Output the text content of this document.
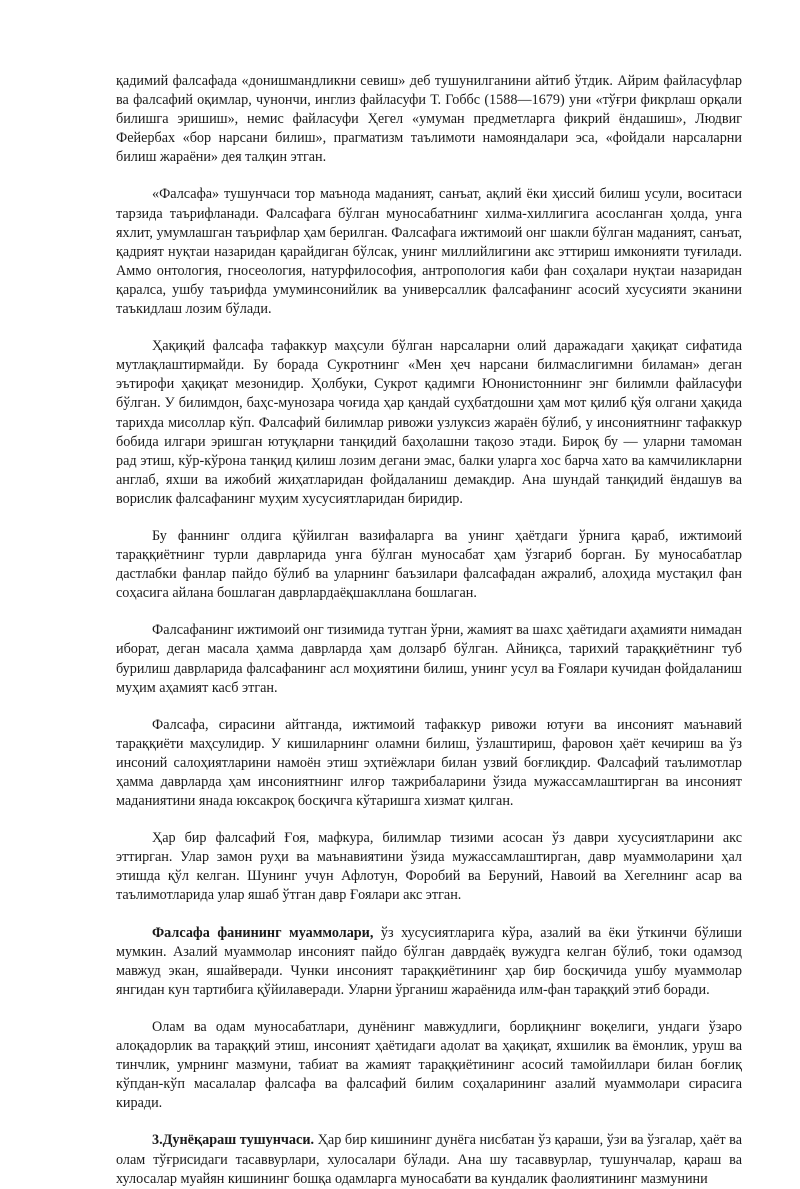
қадимий фалсафада «донишмандликни севиш» деб тушунилганини айтиб ўтдик. Айрим файласуфлар ва фалсафий оқимлар, чунончи, инглиз файласуфи Т. Гоббс (1588—1679) уни «тўғри фикрлаш орқали билишга эришиш», немис файласуфи Ҳегел «умуман предметларга фикрий ёндашиш», Людвиг Фейербах «бор нарсани билиш», прагматизм таълимоти намояндалари эса, «фойдали нарсаларни билиш жараёни» дея талқин этган.

«Фалсафа» тушунчаси тор маънода маданият, санъат, ақлий ёки ҳиссий билиш усули, воситаси тарзида таърифланади. Фалсафага бўлган муносабатнинг хилма-хиллигига асосланган ҳолда, унга яхлит, умумлашган таърифлар ҳам берилган. Фалсафага ижтимоий онг шакли бўлган маданият, санъат, қадрият нуқтаи назаридан қарайдиган бўлсак, унинг миллийлигини акс эттириш имконияти туғилади. Аммо онтология, гносеология, натурфилософия, антропология каби фан соҳалари нуқтаи назаридан қаралса, ушбу таърифда умуминсонийлик ва универсаллик фалсафанинг асосий хусусияти эканини таъкидлаш лозим бўлади.

Ҳақиқий фалсафа тафаккур маҳсули бўлган нарсаларни олий даражадаги ҳақиқат сифатида мутлақлаштирмайди. Бу борада Сукротнинг «Мен ҳеч нарсани билмаслигимни биламан» деган эътирофи ҳақиқат мезонидир. Ҳолбуки, Сукрот қадимги Юнонистоннинг энг билимли файласуфи бўлган. У билимдон, баҳс-мунозара чоғида ҳар қандай суҳбатдошни ҳам мот қилиб қўя олгани ҳақида тарихда мисоллар кўп. Фалсафий билимлар ривожи узлуксиз жараён бўлиб, у инсониятнинг тафаккур бобида илгари эришган ютуқларни танқидий баҳолашни тақозо этади. Бироқ бу — уларни тамоман рад этиш, кўр-кўрона танқид қилиш лозим дегани эмас, балки уларга хос барча хато ва камчиликларни англаб, яхши ва ижобий жиҳатларидан фойдаланиш демакдир. Ана шундай танқидий ёндашув ва ворислик фалсафанинг муҳим хусусиятларидан биридир.

Бу фаннинг олдига қўйилган вазифаларга ва унинг ҳаётдаги ўрнига қараб, ижтимоий тараққиётнинг турли даврларида унга бўлган муносабат ҳам ўзгариб борган. Бу муносабатлар дастлабки фанлар пайдо бўлиб ва уларнинг баъзилари фалсафадан ажралиб, алоҳида мустақил фан соҳасига айлана бошлаган даврлардаёқшакллана бошлаган.

Фалсафанинг ижтимоий онг тизимида тутган ўрни, жамият ва шахс ҳаётидаги аҳамияти нимадан иборат, деган масала ҳамма даврларда ҳам долзарб бўлган. Айниқса, тарихий тараққиётнинг туб бурилиш даврларида фалсафанинг асл моҳиятини билиш, унинг усул ва Ғоялари кучидан фойдаланиш муҳим аҳамият касб этган.

Фалсафа, сирасини айтганда, ижтимоий тафаккур ривожи ютуғи ва инсоният маънавий тараққиёти маҳсулидир. У кишиларнинг оламни билиш, ўзлаштириш, фаровон ҳаёт кечириш ва ўз инсоний салоҳиятларини намоён этиш эҳтиёжлари билан узвий боғлиқдир. Фалсафий таълимотлар ҳамма даврларда ҳам инсониятнинг илғор тажрибаларини ўзида мужассамлаштирган ва инсоният маданиятини янада юксакроқ босқичга кўтаришга хизмат қилган.

Ҳар бир фалсафий Ғоя, мафкура, билимлар тизими асосан ўз даври хусусиятларини акс эттирган. Улар замон руҳи ва маънавиятини ўзида мужассамлаштирган, давр муаммоларини ҳал этишда қўл келган. Шунинг учун Афлотун, Форобий ва Беруний, Навоий ва Хегелнинг асар ва таълимотларида улар яшаб ўтган давр Ғоялари акс этган.

Фалсафа фанининг муаммолари, ўз хусусиятларига кўра, азалий ва ёки ўткинчи бўлиши мумкин. Азалий муаммолар инсоният пайдо бўлган даврдаёқ вужудга келган бўлиб, токи одамзод мавжуд экан, яшайверади. Чунки инсоният тараққиётининг ҳар бир босқичида ушбу муаммолар янгидан кун тартибига қўйилаверади. Уларни ўрганиш жараёнида илм-фан тараққий этиб боради.

Олам ва одам муносабатлари, дунёнинг мавжудлиги, борлиқнинг воқелиги, ундаги ўзаро алоқадорлик ва тараққий этиш, инсоният ҳаётидаги адолат ва ҳақиқат, яхшилик ва ёмонлик, уруш ва тинчлик, умрнинг мазмуни, табиат ва жамият тараққиётининг асосий тамойиллари билан боғлиқ кўпдан-кўп масалалар фалсафа ва фалсафий билим соҳаларининг азалий муаммолари сирасига киради.

3.Дунёқараш тушунчаси. Ҳар бир кишининг дунёга нисбатан ўз қараши, ўзи ва ўзгалар, ҳаёт ва олам тўғрисидаги тасаввурлари, хулосалари бўлади. Ана шу тасаввурлар, тушунчалар, қараш ва хулосалар муайян кишининг бошқа одамларга муносабати ва кундалик фаолиятининг мазмунини
